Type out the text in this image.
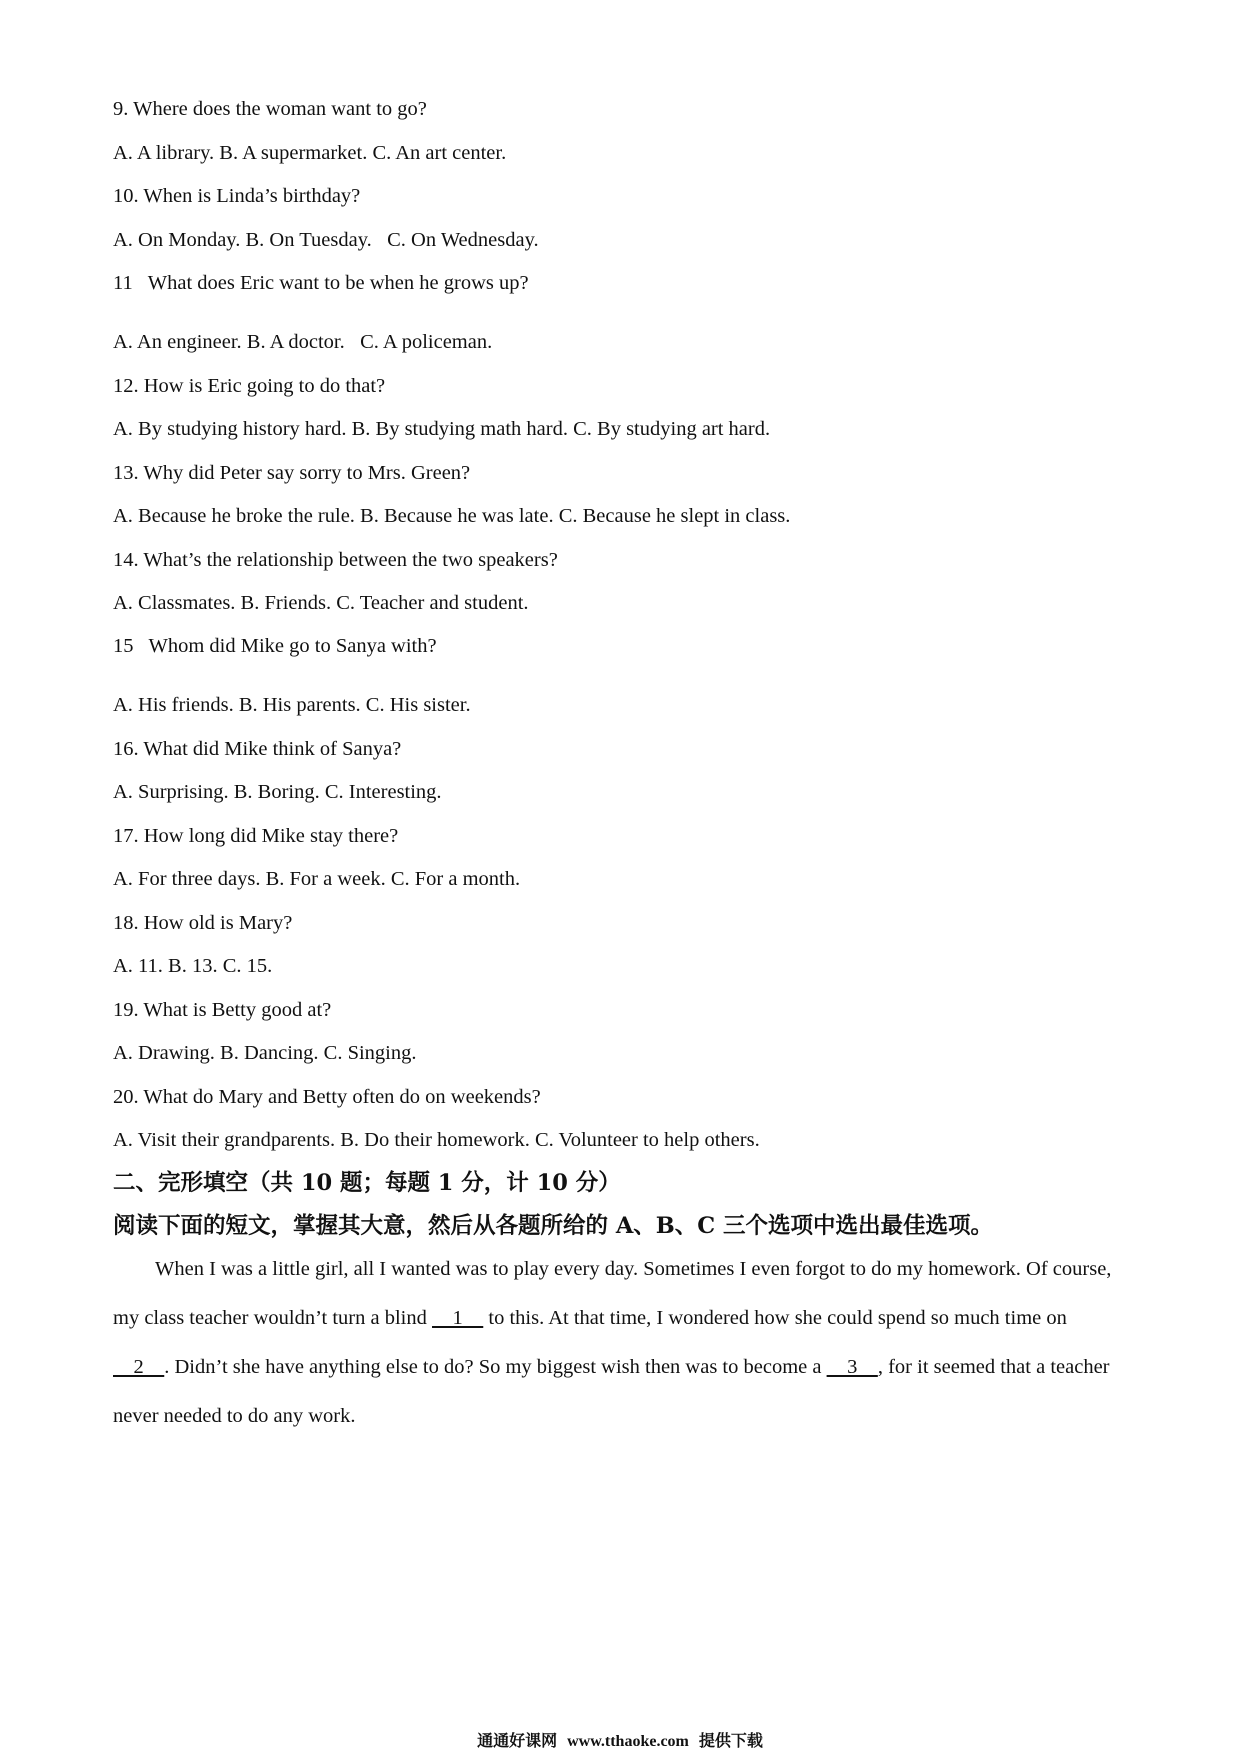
9. Where does the woman want to go?
A. A library. B. A supermarket. C. An art center.
10. When is Linda’s birthday?
A. On Monday. B. On Tuesday.   C. On Wednesday.
11   What does Eric want to be when he grows up?
A. An engineer. B. A doctor.   C. A policeman.
12. How is Eric going to do that?
A. By studying history hard. B. By studying math hard. C. By studying art hard.
13. Why did Peter say sorry to Mrs. Green?
A. Because he broke the rule. B. Because he was late. C. Because he slept in class.
14. What’s the relationship between the two speakers?
A. Classmates. B. Friends. C. Teacher and student.
15   Whom did Mike go to Sanya with?
A. His friends. B. His parents. C. His sister.
16. What did Mike think of Sanya?
A. Surprising. B. Boring. C. Interesting.
17. How long did Mike stay there?
A. For three days. B. For a week. C. For a month.
18. How old is Mary?
A. 11. B. 13. C. 15.
19. What is Betty good at?
A. Drawing. B. Dancing. C. Singing.
20. What do Mary and Betty often do on weekends?
A. Visit their grandparents. B. Do their homework. C. Volunteer to help others.
二、完形填空（共 10 题；每题 1 分，计 10 分）
阅读下面的短文，掌握其大意，然后从各题所给的 A、B、C 三个选项中选出最佳选项。
When I was a little girl, all I wanted was to play every day. Sometimes I even forgot to do my homework. Of course, my class teacher wouldn’t turn a blind     1     to this. At that time, I wondered how she could spend so much time on     2    . Didn’t she have anything else to do? So my biggest wish then was to become a     3    , for it seemed that a teacher never needed to do any work.
通通好课网 www.tthaoke.com 提供下载
